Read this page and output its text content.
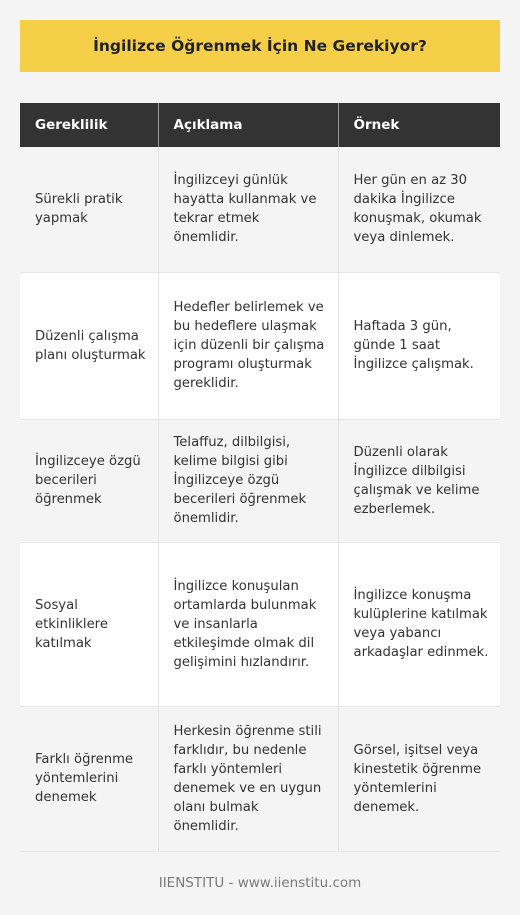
İngilizce Öğrenmek İçin Ne Gerekiyor?
Gereklilik	Açıklama	Örnek
Sürekli pratik yapmak	İngilizceyi günlük hayatta kullanmak ve tekrar etmek önemlidir.	Her gün en az 30 dakika İngilizce konuşmak, okumak veya dinlemek.
Düzenli çalışma planı oluşturmak	Hedefler belirlemek ve bu hedeflere ulaşmak için düzenli bir çalışma programı oluşturmak gereklidir.	Haftada 3 gün, günde 1 saat İngilizce çalışmak.
İngilizceye özgü becerileri öğrenmek	Telaffuz, dilbilgisi, kelime bilgisi gibi İngilizceye özgü becerileri öğrenmek önemlidir.	Düzenli olarak İngilizce dilbilgisi çalışmak ve kelime ezberlemek.
Sosyal etkinliklere katılmak	İngilizce konuşulan ortamlarda bulunmak ve insanlarla etkileşimde olmak dil gelişimini hızlandırır.	İngilizce konuşma kulüplerine katılmak veya yabancı arkadaşlar edinmek.
Farklı öğrenme yöntemlerini denemek	Herkesin öğrenme stili farklıdır, bu nedenle farklı yöntemleri denemek ve en uygun olanı bulmak önemlidir.	Görsel, işitsel veya kinestetik öğrenme yöntemlerini denemek.
IIENSTITU - www.iienstitu.com
